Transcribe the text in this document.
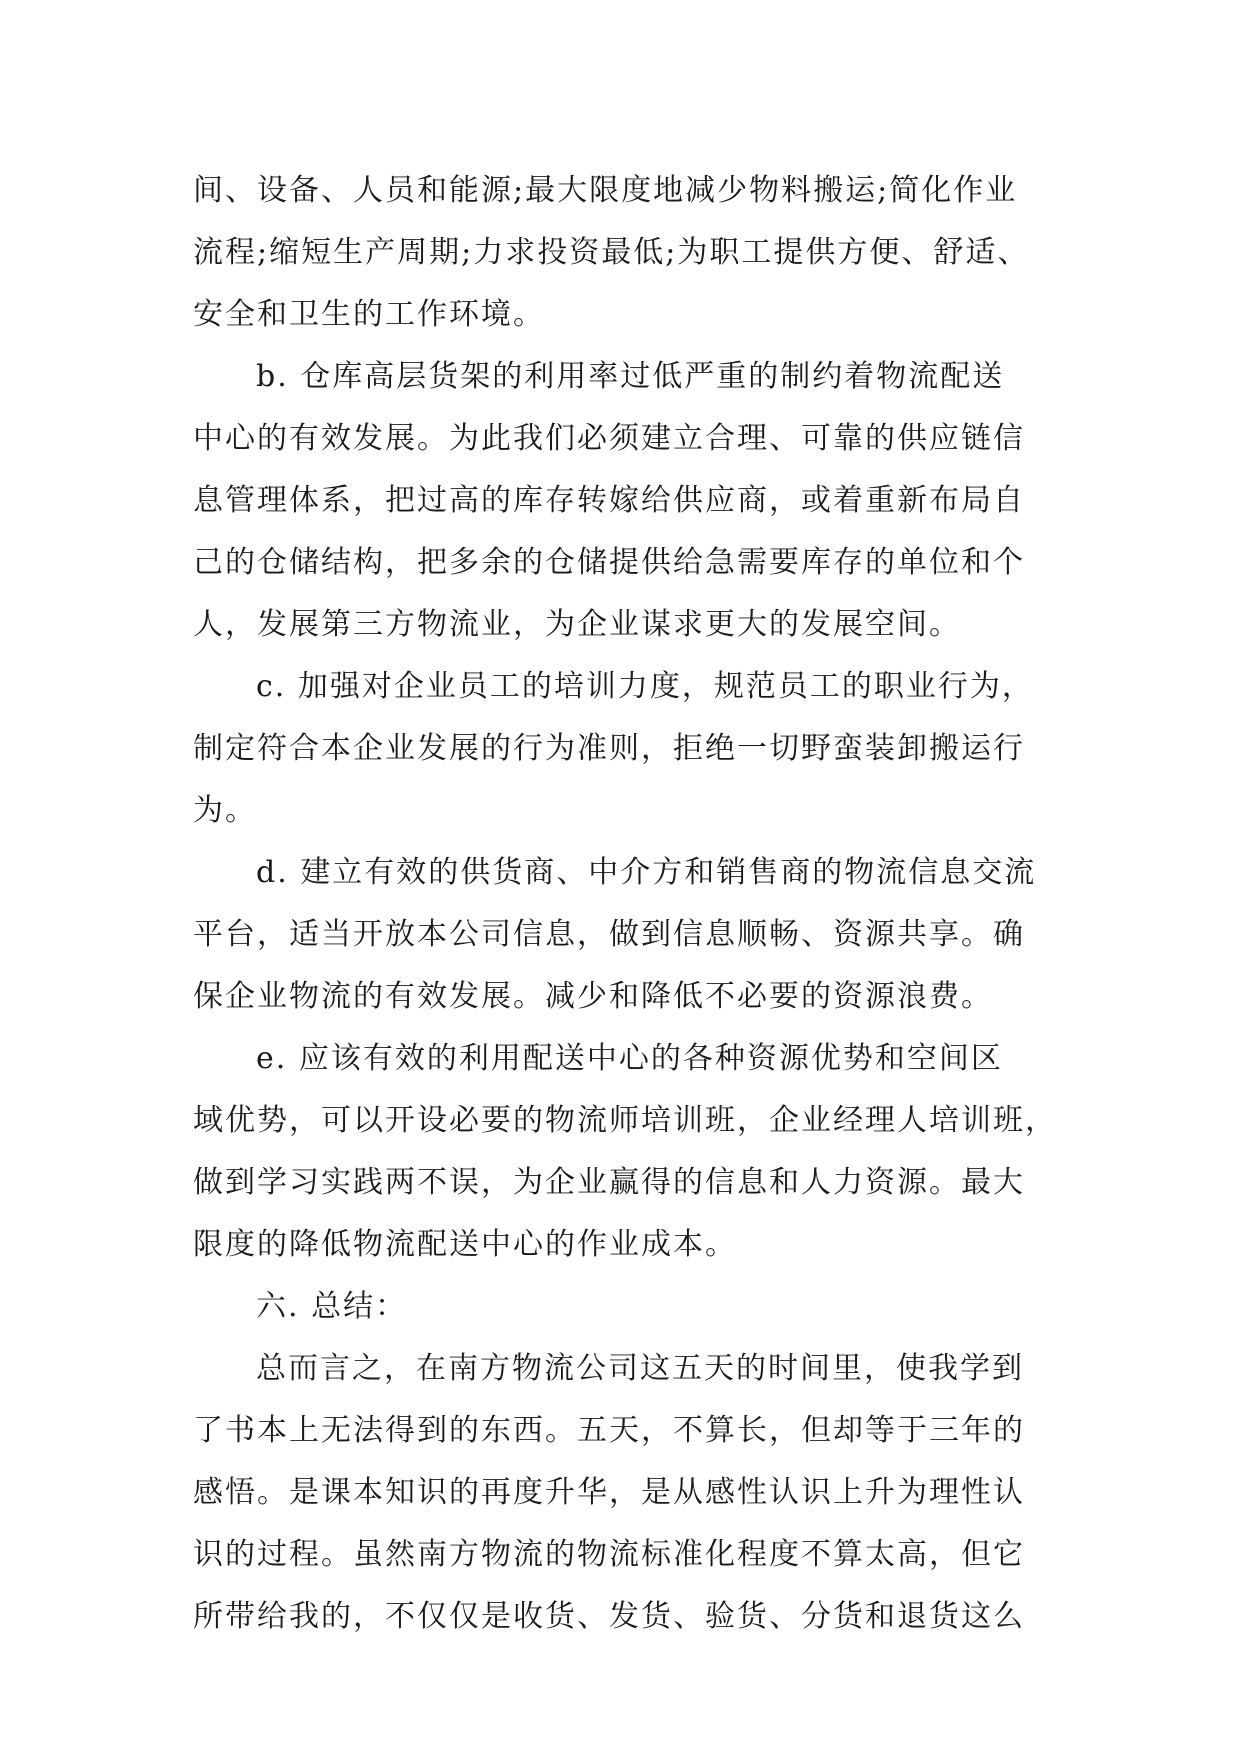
间、设备、人员和能源;最大限度地减少物料搬运;简化作业
流程;缩短生产周期;力求投资最低;为职工提供方便、舒适、
安全和卫生的工作环境。
b. 仓库高层货架的利用率过低严重的制约着物流配送
中心的有效发展。为此我们必须建立合理、可靠的供应链信
息管理体系，把过高的库存转嫁给供应商，或着重新布局自
己的仓储结构，把多余的仓储提供给急需要库存的单位和个
人，发展第三方物流业，为企业谋求更大的发展空间。
c. 加强对企业员工的培训力度，规范员工的职业行为，
制定符合本企业发展的行为准则，拒绝一切野蛮装卸搬运行
为。
d. 建立有效的供货商、中介方和销售商的物流信息交流
平台，适当开放本公司信息，做到信息顺畅、资源共享。确
保企业物流的有效发展。减少和降低不必要的资源浪费。
e. 应该有效的利用配送中心的各种资源优势和空间区
域优势，可以开设必要的物流师培训班，企业经理人培训班，
做到学习实践两不误，为企业赢得的信息和人力资源。最大
限度的降低物流配送中心的作业成本。
六. 总结：
总而言之，在南方物流公司这五天的时间里，使我学到
了书本上无法得到的东西。五天，不算长，但却等于三年的
感悟。是课本知识的再度升华，是从感性认识上升为理性认
识的过程。虽然南方物流的物流标准化程度不算太高，但它
所带给我的，不仅仅是收货、发货、验货、分货和退货这么
